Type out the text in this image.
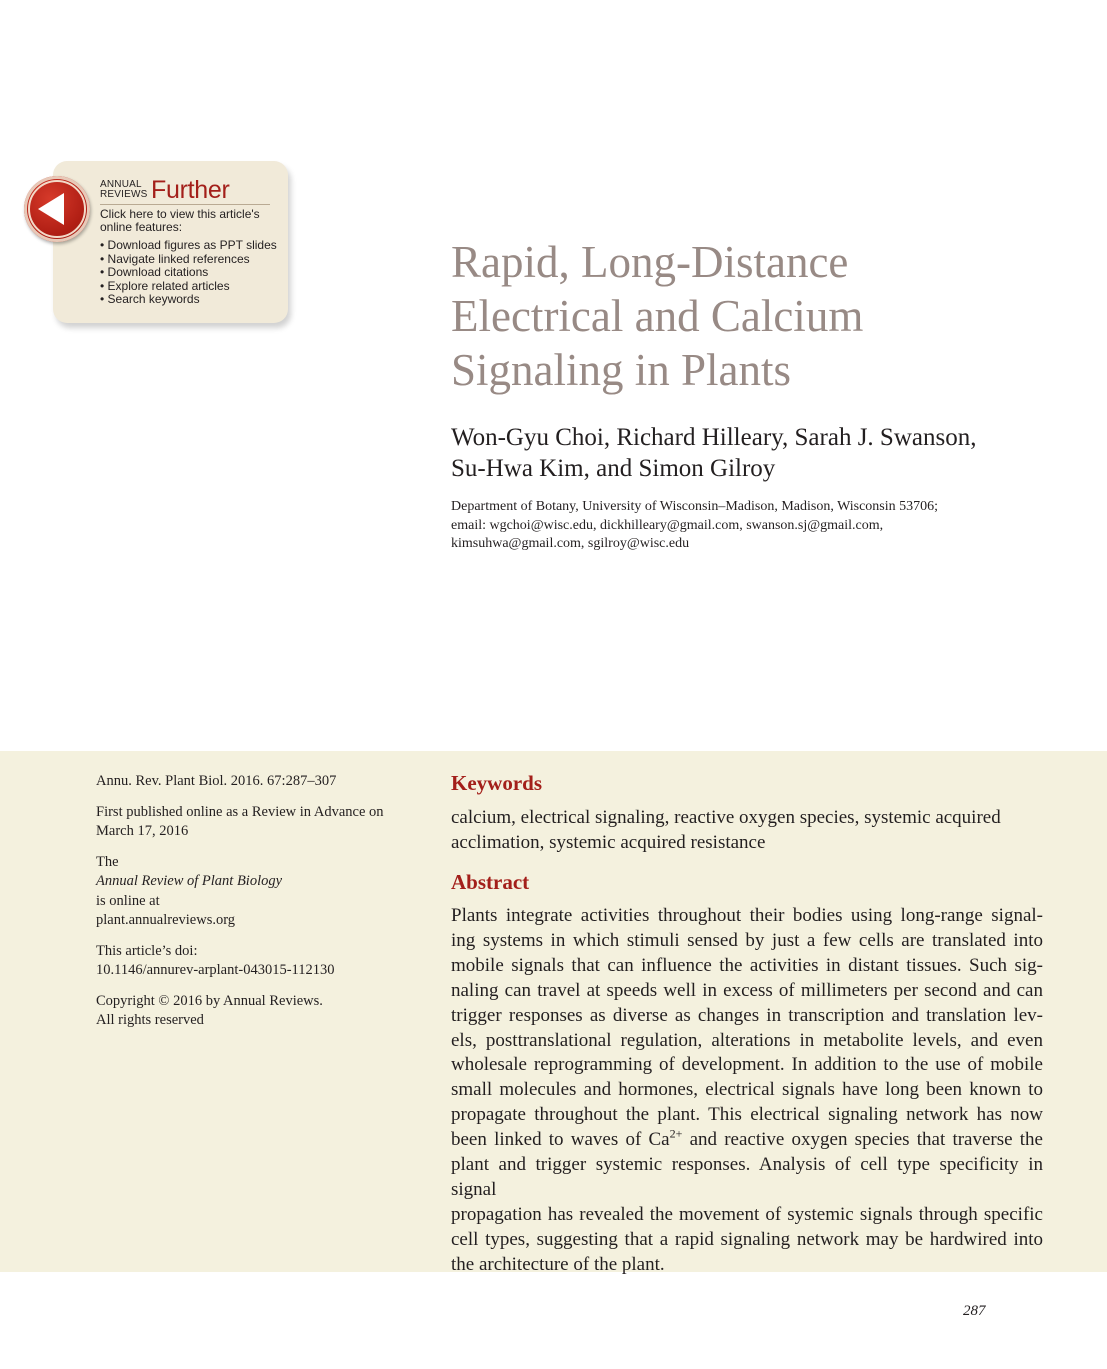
ANNUAL
REVIEWS Further
Click here to view this article's
online features:
• Download figures as PPT slides
• Navigate linked references
• Download citations
• Explore related articles
• Search keywords
Rapid, Long-Distance
Electrical and Calcium
Signaling in Plants
Won-Gyu Choi, Richard Hilleary, Sarah J. Swanson,
Su-Hwa Kim, and Simon Gilroy
Department of Botany, University of Wisconsin–Madison, Madison, Wisconsin 53706;
email: wgchoi@wisc.edu, dickhilleary@gmail.com, swanson.sj@gmail.com,
kimsuhwa@gmail.com, sgilroy@wisc.edu

Annu. Rev. Plant Biol. 2016. 67:287–307

First published online as a Review in Advance on
March 17, 2016

The
Annual Review of Plant Biology
is online at
plant.annualreviews.org

This article’s doi:
10.1146/annurev-arplant-043015-112130

Copyright © 2016 by Annual Reviews.
All rights reserved

Keywords
calcium, electrical signaling, reactive oxygen species, systemic acquired
acclimation, systemic acquired resistance
Abstract
Plants integrate activities throughout their bodies using long-range signal-
ing systems in which stimuli sensed by just a few cells are translated into
mobile signals that can influence the activities in distant tissues. Such sig-
naling can travel at speeds well in excess of millimeters per second and can
trigger responses as diverse as changes in transcription and translation lev-
els, posttranslational regulation, alterations in metabolite levels, and even
wholesale reprogramming of development. In addition to the use of mobile
small molecules and hormones, electrical signals have long been known to
propagate throughout the plant. This electrical signaling network has now
been linked to waves of $Ca^{2+}$ and reactive oxygen species that traverse the
plant and trigger systemic responses. Analysis of cell type specificity in signal
propagation has revealed the movement of systemic signals through specific
cell types, suggesting that a rapid signaling network may be hardwired into
the architecture of the plant.
287
